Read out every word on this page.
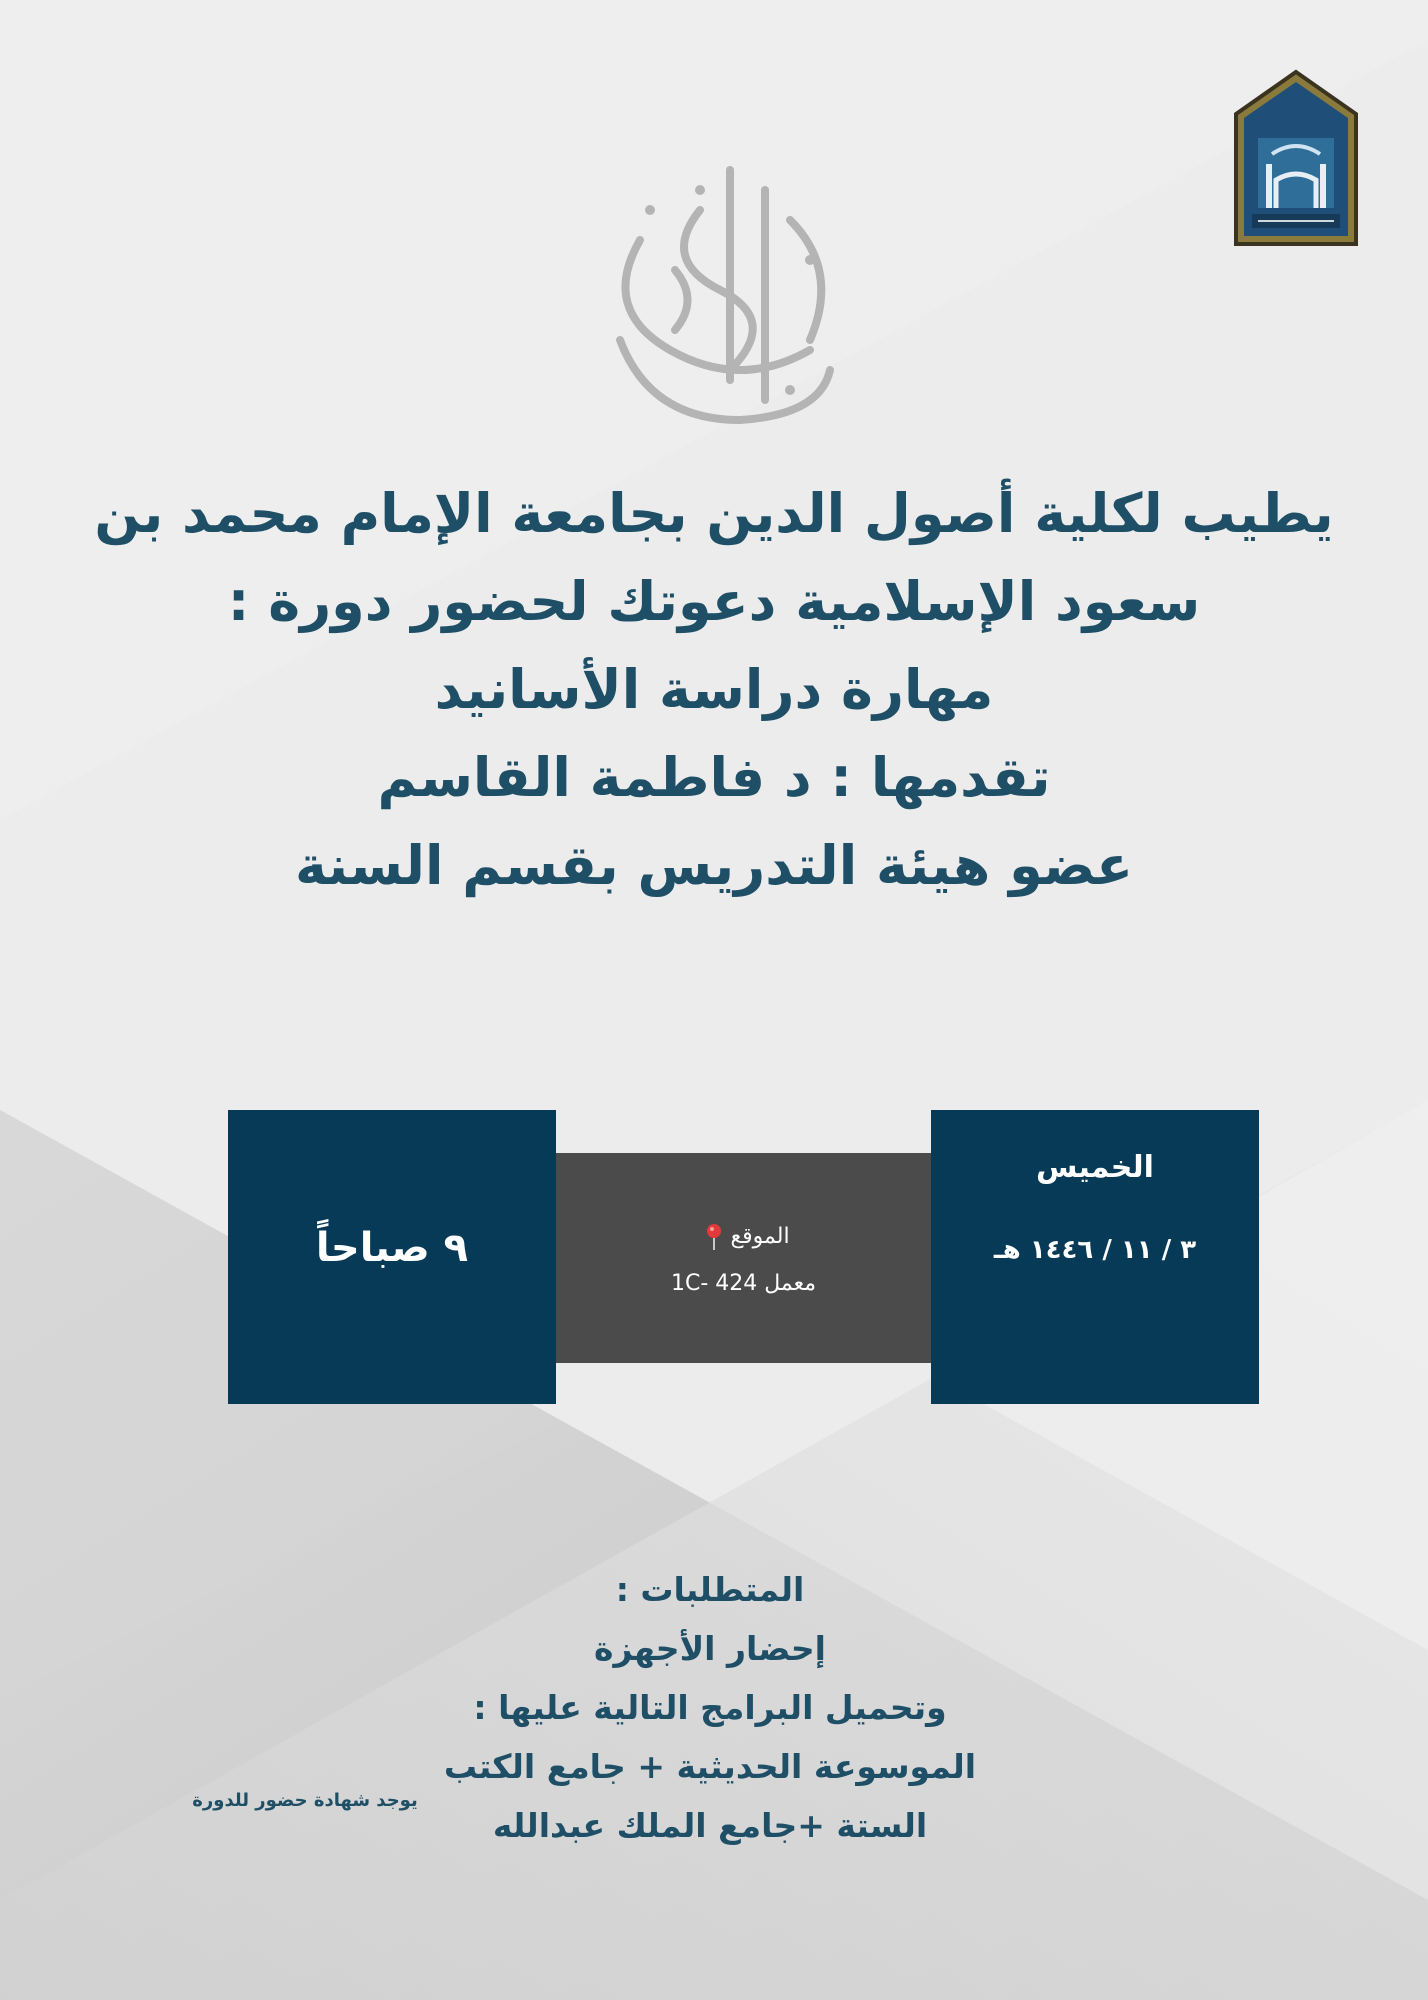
يطيب لكلية أصول الدين بجامعة الإمام محمد بن
سعود الإسلامية دعوتك لحضور دورة :
مهارة دراسة الأسانيد
تقدمها : د فاطمة القاسم
عضو هيئة التدريس بقسم السنة
الخميس
٣ / ١١ / ١٤٤٦ هـ
الموقع
معمل 424 -1C
٩ صباحاً
المتطلبات :
إحضار الأجهزة
وتحميل البرامج التالية عليها :
الموسوعة الحديثية + جامع الكتب
الستة +جامع الملك عبدالله
يوجد شهادة حضور للدورة
